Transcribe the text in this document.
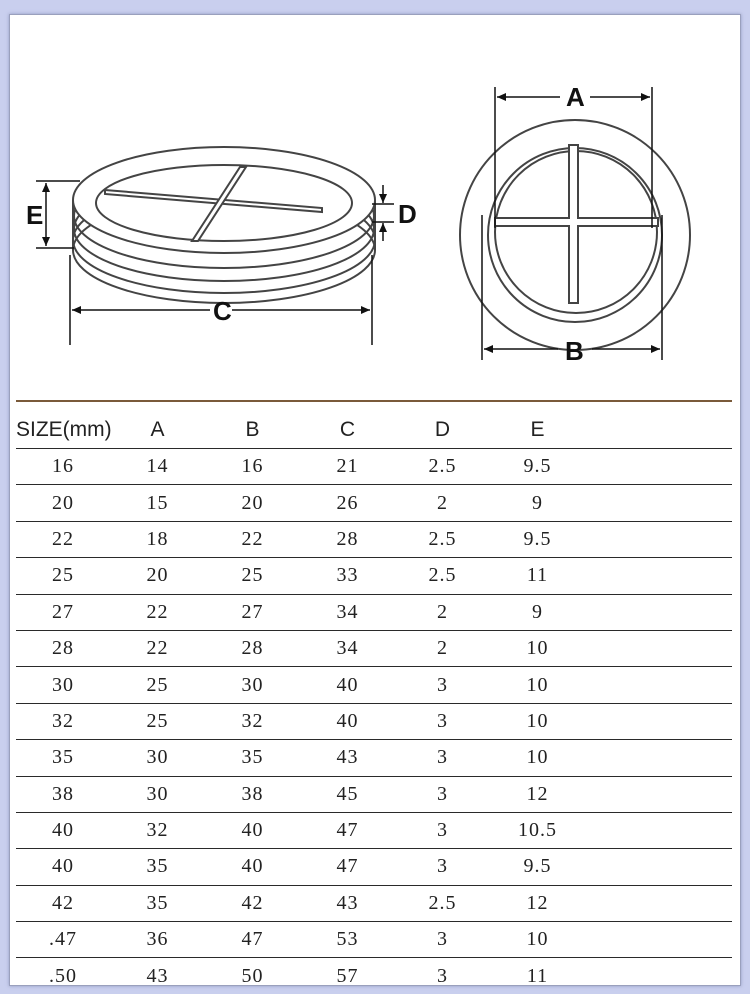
E	D
C
A
B
SIZE(mm)	A	B	C	D	E	
16	14	16	21	2.5	9.5	
20	15	20	26	2	9	
22	18	22	28	2.5	9.5	
25	20	25	33	2.5	11	
27	22	27	34	2	9	
28	22	28	34	2	10	
30	25	30	40	3	10	
32	25	32	40	3	10	
35	30	35	43	3	10	
38	30	38	45	3	12	
40	32	40	47	3	10.5	
40	35	40	47	3	9.5	
42	35	42	43	2.5	12	
.47	36	47	53	3	10	
.50	43	50	57	3	11	
